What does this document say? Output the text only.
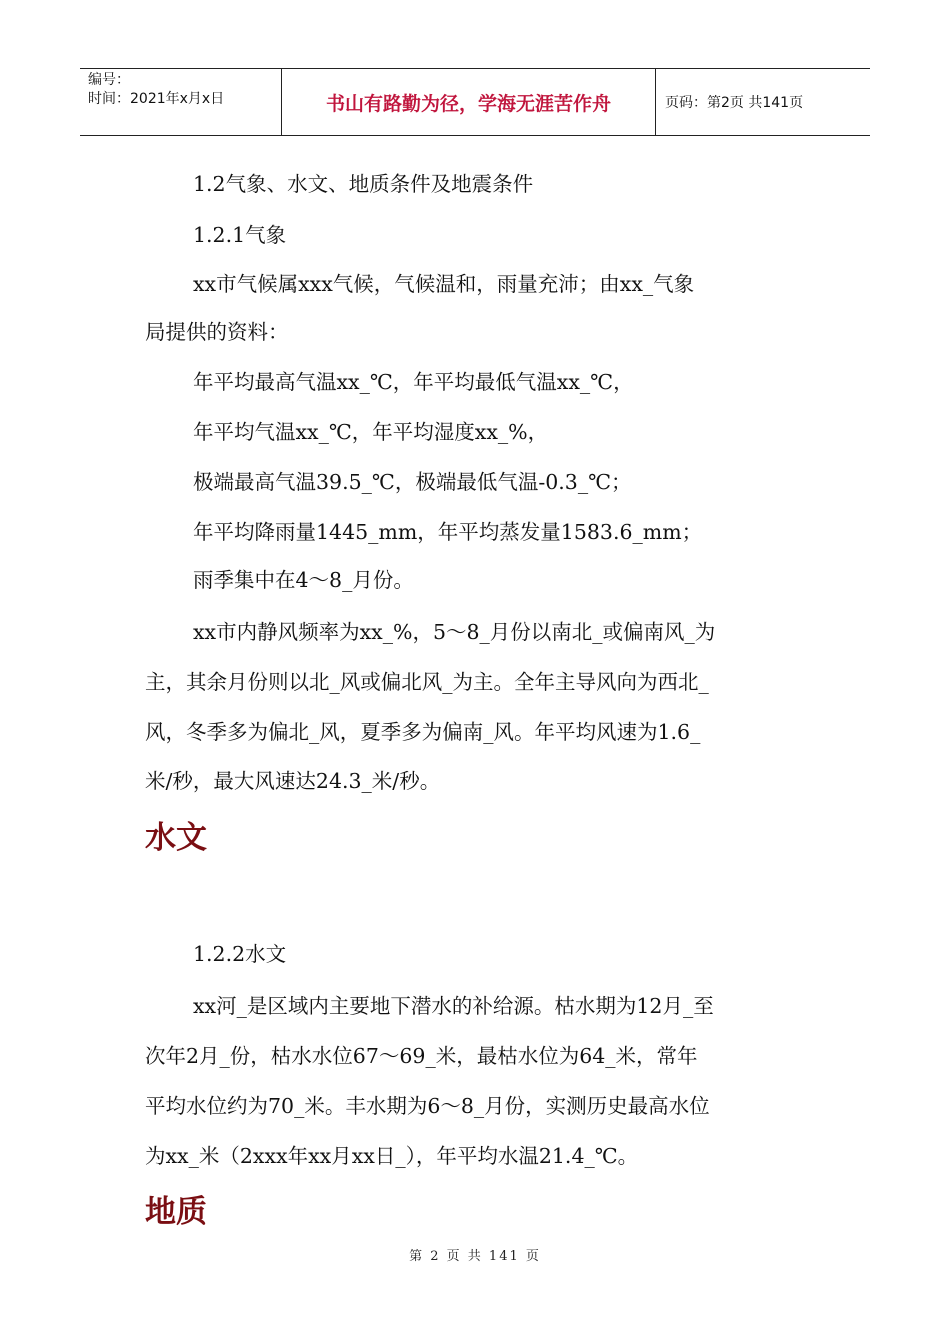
编号：
时间：2021年x月x日	书山有路勤为径，学海无涯苦作舟	页码：第2页 共141页
1.2气象、水文、地质条件及地震条件
1.2.1气象
xx市气候属xxx气候，气候温和，雨量充沛；由xx_气象
局提供的资料：
年平均最高气温xx_℃，年平均最低气温xx_℃，
年平均气温xx_℃，年平均湿度xx_%，
极端最高气温39.5_℃，极端最低气温-0.3_℃；
年平均降雨量1445_mm，年平均蒸发量1583.6_mm；
雨季集中在4～8_月份。
xx市内静风频率为xx_%，5～8_月份以南北_或偏南风_为
主，其余月份则以北_风或偏北风_为主。全年主导风向为西北_
风，冬季多为偏北_风，夏季多为偏南_风。年平均风速为1.6_
米/秒，最大风速达24.3_米/秒。
水文
1.2.2水文
xx河_是区域内主要地下潜水的补给源。枯水期为12月_至
次年2月_份，枯水水位67～69_米，最枯水位为64_米，常年
平均水位约为70_米。丰水期为6～8_月份，实测历史最高水位
为xx_米（2xxx年xx月xx日_），年平均水温21.4_℃。
地质
第 2 页 共 141 页
